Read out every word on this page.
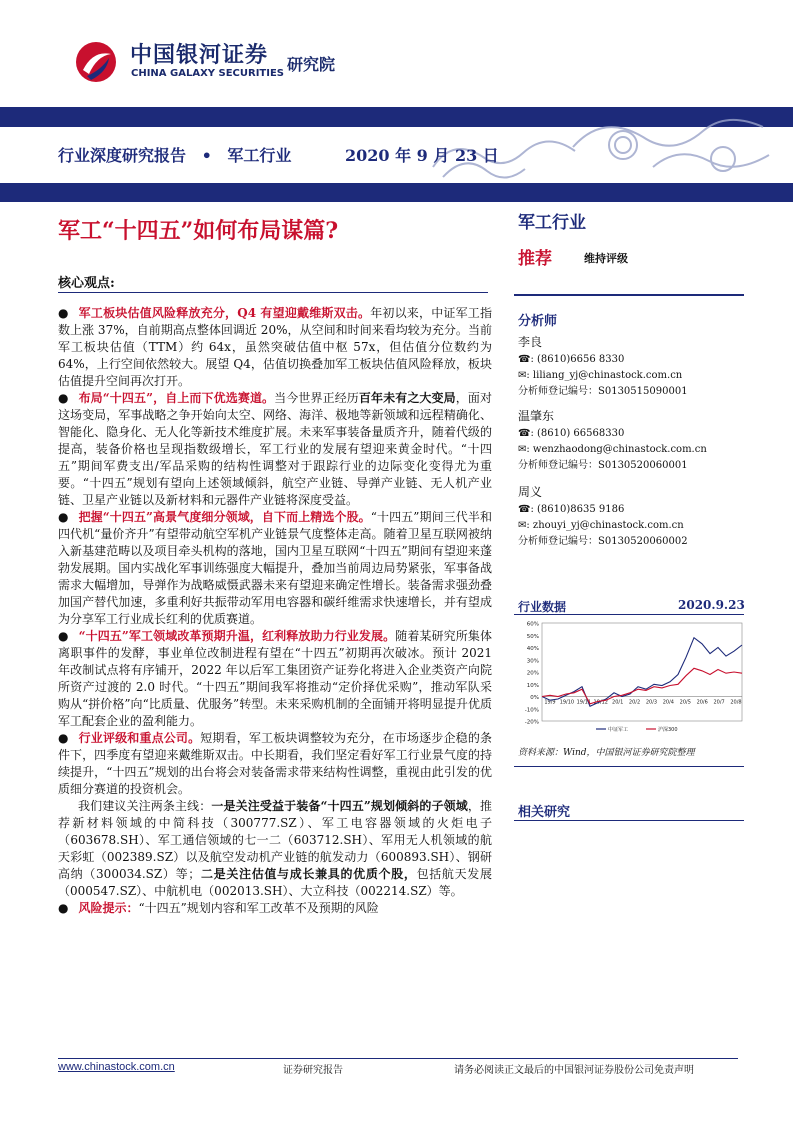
中国银河证券
CHINA GALAXY SECURITIES 研究院
行业深度研究报告 • 军工行业	2020 年 9 月 23 日
军工“十四五”如何布局谋篇?
核心观点:

● 军工板块估值风险释放充分，Q4 有望迎戴维斯双击。年初以来，中证军工指数上涨 37%，自前期高点整体回调近 20%，从空间和时间来看均较为充分。当前军工板块估值（TTM）约 64x，虽然突破估值中枢 57x，但估值分位数约为 64%，上行空间依然较大。展望 Q4，估值切换叠加军工板块估值风险释放，板块估值提升空间再次打开。

● 布局“十四五”，自上而下优选赛道。当今世界正经历百年未有之大变局，面对这场变局，军事战略之争开始向太空、网络、海洋、极地等新领域和远程精确化、智能化、隐身化、无人化等新技术维度扩展。未来军事装备量质齐升，随着代级的提高，装备价格也呈现指数级增长，军工行业的发展有望迎来黄金时代。“十四五”期间军费支出/军品采购的结构性调整对于跟踪行业的边际变化变得尤为重要。“十四五”规划有望向上述领域倾斜，航空产业链、导弹产业链、无人机产业链、卫星产业链以及新材料和元器件产业链将深度受益。

● 把握“十四五”高景气度细分领域，自下而上精选个股。“十四五”期间三代半和四代机“量价齐升”有望带动航空军机产业链景气度整体走高。随着卫星互联网被纳入新基建范畴以及项目牵头机构的落地，国内卫星互联网“十四五”期间有望迎来蓬勃发展期。国内实战化军事训练强度大幅提升，叠加当前周边局势紧张，军事备战需求大幅增加，导弹作为战略威慑武器未来有望迎来确定性增长。装备需求强劲叠加国产替代加速，多重利好共振带动军用电容器和碳纤维需求快速增长，并有望成为分享军工行业成长红利的优质赛道。

● “十四五”军工领域改革预期升温，红利释放助力行业发展。随着某研究所集体离职事件的发酵，事业单位改制进程有望在“十四五”初期再次破冰。预计 2021 年改制试点将有序铺开，2022 年以后军工集团资产证券化将进入企业类资产向院所资产过渡的 2.0 时代。“十四五”期间我军将推动“定价择优采购”，推动军队采购从“拼价格”向“比质量、优服务”转型。未来采购机制的全面铺开将明显提升优质军工配套企业的盈利能力。

● 行业评级和重点公司。短期看，军工板块调整较为充分，在市场逐步企稳的条件下，四季度有望迎来戴维斯双击。中长期看，我们坚定看好军工行业景气度的持续提升，“十四五”规划的出台将会对装备需求带来结构性调整，重视由此引发的优质细分赛道的投资机会。

我们建议关注两条主线：一是关注受益于装备“十四五”规划倾斜的子领域，推荐新材料领域的中简科技（300777.SZ）、军工电容器领域的火炬电子（603678.SH）、军工通信领域的七一二（603712.SH）、军用无人机领域的航天彩虹（002389.SZ）以及航空发动机产业链的航发动力（600893.SH）、钢研高纳（300034.SZ）等；二是关注估值与成长兼具的优质个股，包括航天发展（000547.SZ）、中航机电（002013.SH）、大立科技（002214.SZ）等。

● 风险提示：“十四五”规划内容和军工改革不及预期的风险

军工行业
推荐	维持评级
分析师
李良
☎: (8610)6656 8330
✉: liliang_yj@chinastock.com.cn
分析师登记编号：S0130515090001
温肇东
☎: (8610) 66568330
✉: wenzhaodong@chinastock.com.cn
分析师登记编号：S0130520060001
周义
☎: (8610)8635 9186
✉: zhouyi_yj@chinastock.com.cn
分析师登记编号：S0130520060002
行业数据	2020.9.23
60%
50%
40%
30%
20%
10%
0%
-10%
-20%
19/9 19/10 19/11 19/12 20/1 20/2 20/3 20/4 20/5 20/6 20/7 20/8
中证军工	沪深300
资料来源：Wind，中国银河证券研究院整理
相关研究
www.chinastock.com.cn	证券研究报告	请务必阅读正文最后的中国银河证券股份公司免责声明
